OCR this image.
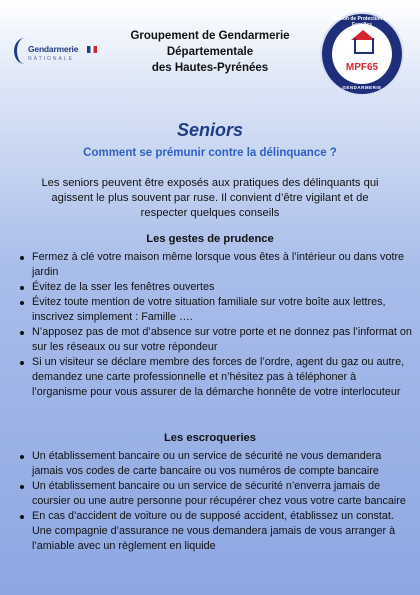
Gendarmerie
NATIONALE
Groupement de Gendarmerie
Départementale
des Hautes-Pyrénées
Maison de Protection des
MPF65
GENDARMERIE
Seniors
Comment se prémunir contre la délinquance ?
Les seniors peuvent être exposés aux pratiques des délinquants qui agissent le plus souvent par ruse. Il convient d’être vigilant et de respecter quelques conseils
Les gestes de prudence
Fermez à clé votre maison même lorsque vous êtes à l’intérieur ou dans votre jardin
Évitez de la sser les fenêtres ouvertes
Évitez toute mention de votre situation familiale sur votre boîte aux lettres, inscrivez simplement : Famille ….
N’apposez pas de mot d’absence sur votre porte et ne donnez pas l’informat on sur les réseaux ou sur votre répondeur
Si un visiteur se déclare membre des forces de l’ordre, agent du gaz ou autre, demandez une carte professionnelle et n’hésitez pas à téléphoner à l’organisme pour vous assurer de la démarche honnête de votre interlocuteur
Les escroqueries
Un établissement bancaire ou un service de sécurité ne vous demandera jamais vos codes de carte bancaire ou vos numéros de compte bancaire
Un établissement bancaire ou un service de sécurité n’enverra jamais de coursier ou une autre personne pour récupérer chez vous votre carte bancaire
En cas d’accident de voiture ou de supposé accident, établissez un constat. Une compagnie d’assurance ne vous demandera jamais de vous arranger à l’amiable avec un règlement en liquide
